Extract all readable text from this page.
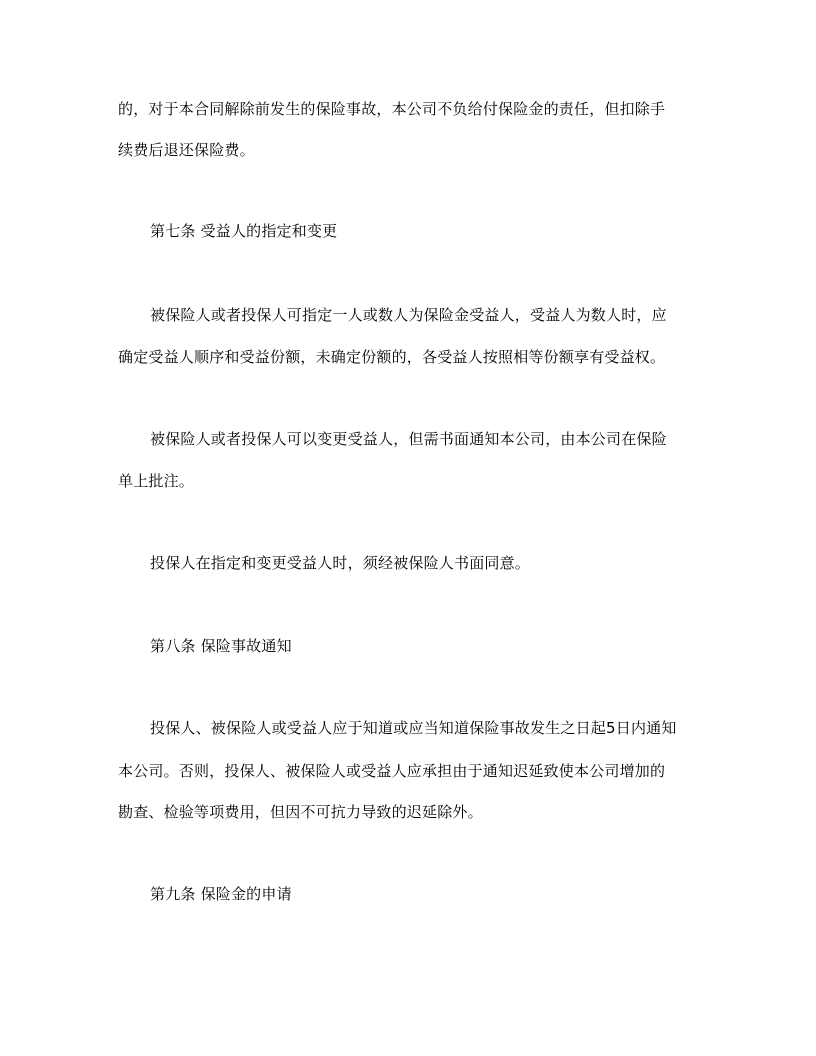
的，对于本合同解除前发生的保险事故，本公司不负给付保险金的责任，但扣除手
续费后退还保险费。
第七条 受益人的指定和变更
被保险人或者投保人可指定一人或数人为保险金受益人，受益人为数人时，应
确定受益人顺序和受益份额，未确定份额的，各受益人按照相等份额享有受益权。
被保险人或者投保人可以变更受益人，但需书面通知本公司，由本公司在保险
单上批注。
投保人在指定和变更受益人时，须经被保险人书面同意。
第八条 保险事故通知
投保人、被保险人或受益人应于知道或应当知道保险事故发生之日起5日内通知
本公司。否则，投保人、被保险人或受益人应承担由于通知迟延致使本公司增加的
勘查、检验等项费用，但因不可抗力导致的迟延除外。
第九条 保险金的申请
